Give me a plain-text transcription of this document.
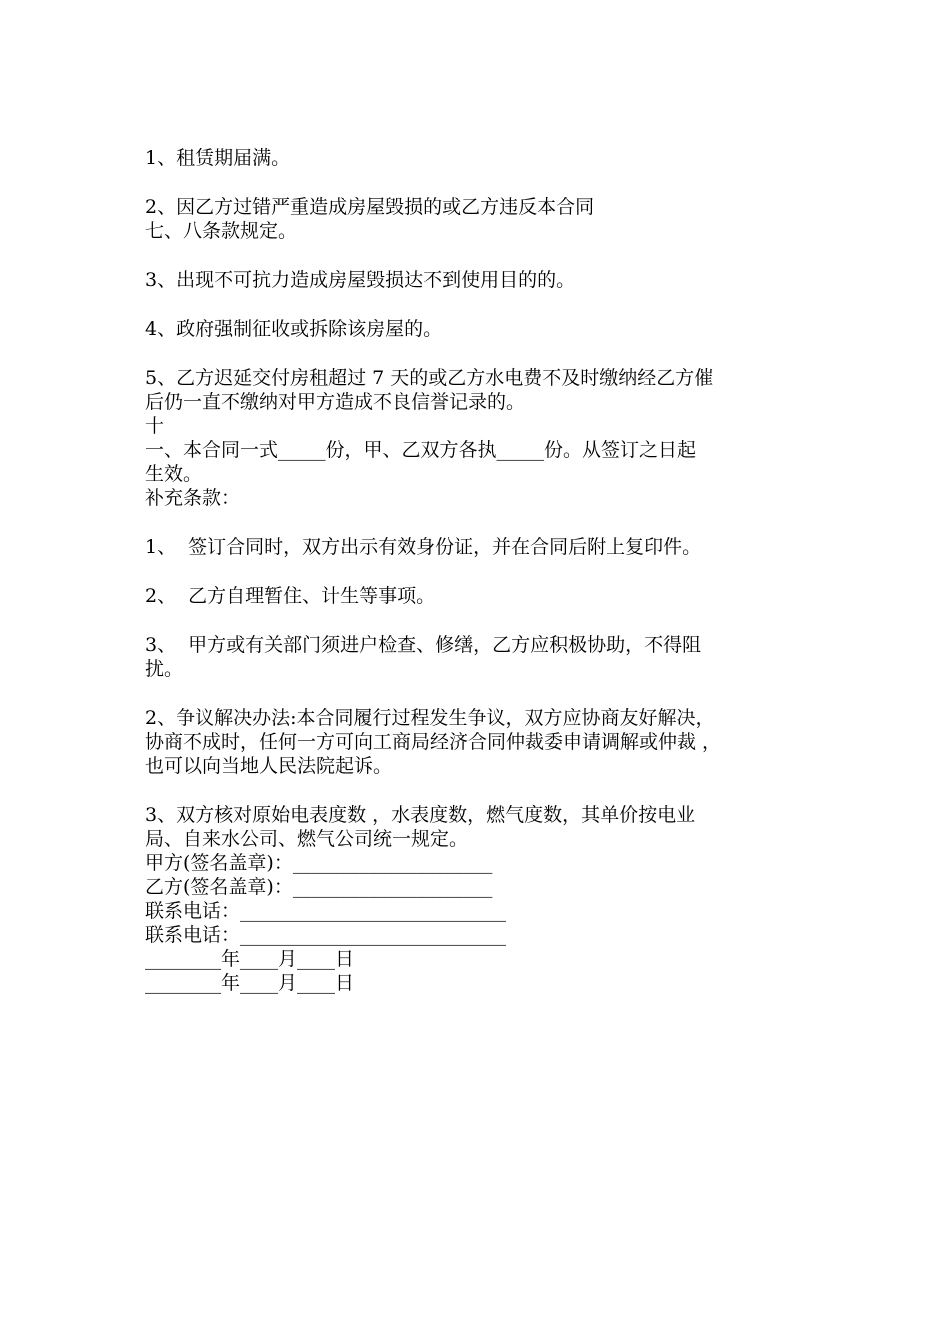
1、租赁期届满。
2、因乙方过错严重造成房屋毁损的或乙方违反本合同
七、八条款规定。
3、出现不可抗力造成房屋毁损达不到使用目的的。
4、政府强制征收或拆除该房屋的。
5、乙方迟延交付房租超过 7 天的或乙方水电费不及时缴纳经乙方催
后仍一直不缴纳对甲方造成不良信誉记录的。
十
一、本合同一式_____份，甲、乙双方各执_____份。从签订之日起
生效。
补充条款：
1、  签订合同时，双方出示有效身份证，并在合同后附上复印件。
2、  乙方自理暂住、计生等事项。
3、  甲方或有关部门须进户检查、修缮，乙方应积极协助，不得阻
扰。
2、争议解决办法:本合同履行过程发生争议，双方应协商友好解决，
协商不成时，任何一方可向工商局经济合同仲裁委申请调解或仲裁 ，
也可以向当地人民法院起诉。
3、双方核对原始电表度数 ，水表度数，燃气度数，其单价按电业
局、自来水公司、燃气公司统一规定。
甲方(签名盖章)：_____________________
乙方(签名盖章)：_____________________
联系电话：____________________________
联系电话：____________________________
________年____月____日
________年____月____日
